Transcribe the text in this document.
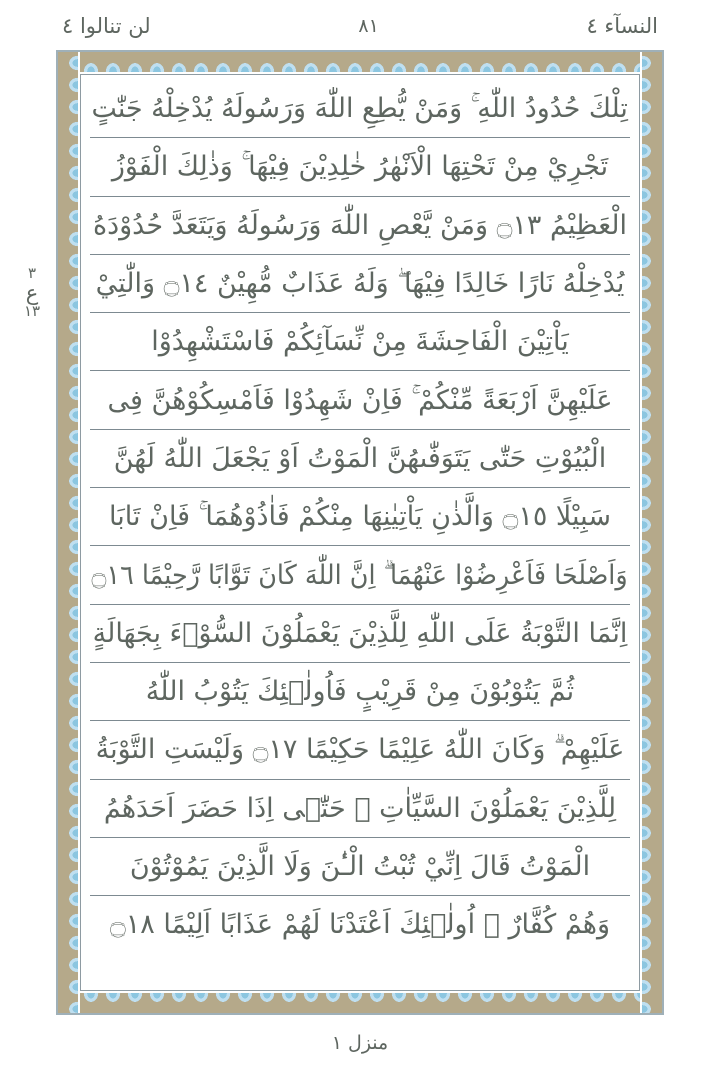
لن تنالوا ٤	٨١	النسآء ٤
٣
ع
١٣
تِلْكَ حُدُودُ اللّٰهِ ۚ وَمَنْ يُّطِعِ اللّٰهَ وَرَسُولَهُ يُدْخِلْهُ جَنّٰتٍ
تَجْرِيْ مِنْ تَحْتِهَا الْاَنْهٰرُ خٰلِدِيْنَ فِيْهَا ۚ وَذٰلِكَ الْفَوْزُ
الْعَظِيْمُ ۝١٣ وَمَنْ يَّعْصِ اللّٰهَ وَرَسُولَهُ وَيَتَعَدَّ حُدُوْدَهُ
يُدْخِلْهُ نَارًا خَالِدًا فِيْهَا ۖ وَلَهُ عَذَابٌ مُّهِيْنٌ ۝١٤ وَالّٰتِيْ
يَاْتِيْنَ الْفَاحِشَةَ مِنْ نِّسَآئِكُمْ فَاسْتَشْهِدُوْا
عَلَيْهِنَّ اَرْبَعَةً مِّنْكُمْ ۚ فَاِنْ شَهِدُوْا فَاَمْسِكُوْهُنَّ فِى
الْبُيُوْتِ حَتّٰى يَتَوَفّٰىهُنَّ الْمَوْتُ اَوْ يَجْعَلَ اللّٰهُ لَهُنَّ
سَبِيْلًا ۝١٥ وَالَّذٰنِ يَاْتِيٰنِهَا مِنْكُمْ فَاٰذُوْهُمَا ۚ فَاِنْ تَابَا
وَاَصْلَحَا فَاَعْرِضُوْا عَنْهُمَا ۗ اِنَّ اللّٰهَ كَانَ تَوَّابًا رَّحِيْمًا ۝١٦
اِنَّمَا التَّوْبَةُ عَلَى اللّٰهِ لِلَّذِيْنَ يَعْمَلُوْنَ السُّوْۤءَ بِجَهَالَةٍ
ثُمَّ يَتُوْبُوْنَ مِنْ قَرِيْبٍ فَاُولٰۤئِكَ يَتُوْبُ اللّٰهُ
عَلَيْهِمْ ۗ وَكَانَ اللّٰهُ عَلِيْمًا حَكِيْمًا ۝١٧ وَلَيْسَتِ التَّوْبَةُ
لِلَّذِيْنَ يَعْمَلُوْنَ السَّيِّاٰتِ ۚ حَتّٰۤى اِذَا حَضَرَ اَحَدَهُمُ
الْمَوْتُ قَالَ اِنِّيْ تُبْتُ الْـٰٔنَ وَلَا الَّذِيْنَ يَمُوْتُوْنَ
وَهُمْ كُفَّارٌ ۭ اُولٰۤئِكَ اَعْتَدْنَا لَهُمْ عَذَابًا اَلِيْمًا ۝١٨
منزل ١
